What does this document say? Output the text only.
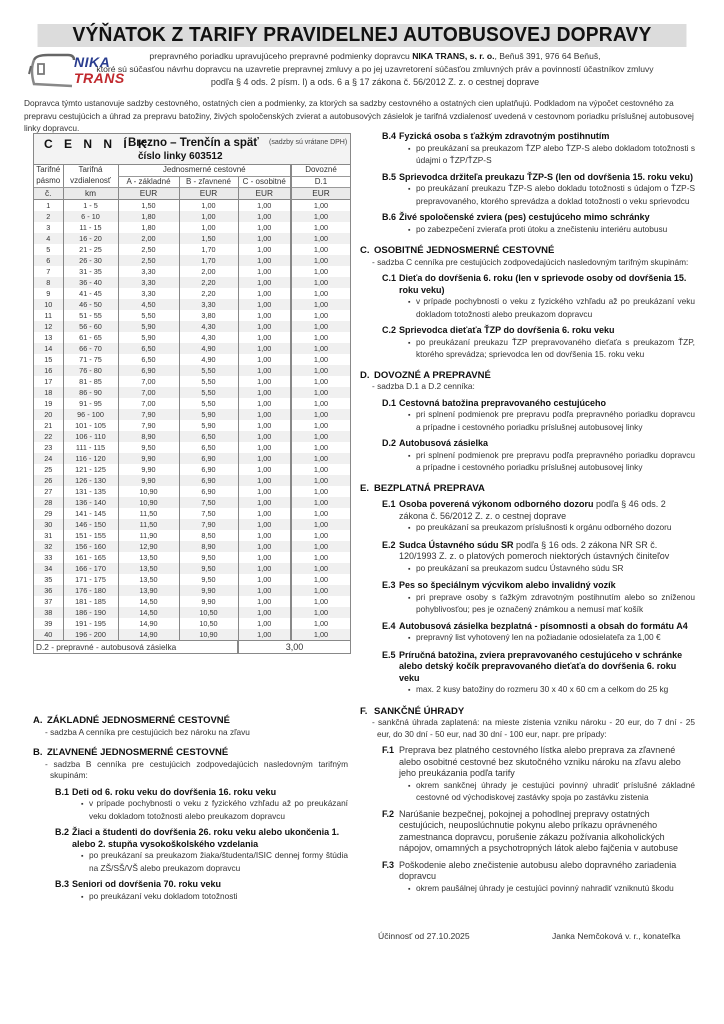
VÝŇATOK Z TARIFY PRAVIDELNEJ AUTOBUSOVEJ DOPRAVY
NIKA
TRANS
prepravného poriadku upravujúceho prepravné podmienky dopravcu NIKA TRANS, s. r. o., Beňuš 391, 976 64 Beňuš,
ktoré sú súčasťou návrhu dopravcu na uzavretie prepravnej zmluvy a po jej uzavretorení súčasťou zmluvných práv a povinností účastníkov zmluvy
podľa § 4 ods. 2 písm. l) a ods. 6 a § 17 zákona č. 56/2012 Z. z. o cestnej doprave
Dopravca týmto ustanovuje sadzby cestovného, ostatných cien a podmienky, za ktorých sa sadzby cestovného a ostatných cien uplatňujú. Podkladom na výpočet cestovného za prepravu cestujúcich a úhrad za prepravu batožiny, živých spoločenských zvierat a autobusových zásielok je tarifná vzdialenosť uvedená v cestovnom poriadku príslušnej autobusovej linky dopravcu.
C E N N Í K
Brezno – Trenčín a späť (sadzby sú vrátane DPH)
číslo linky 603512
Tarifné	Tarifná	Jednosmerné cestovné			Dovozné
pásmo	vzdialenosť	A - základné	B - zľavnené	C - osobitné	D.1
č.	km	EUR	EUR	EUR	EUR
1	1 - 5	1,50	1,00	1,00	1,00
2	6 - 10	1,80	1,00	1,00	1,00
3	11 - 15	1,80	1,00	1,00	1,00
4	16 - 20	2,00	1,50	1,00	1,00
5	21 - 25	2,50	1,70	1,00	1,00
6	26 - 30	2,50	1,70	1,00	1,00
7	31 - 35	3,30	2,00	1,00	1,00
8	36 - 40	3,30	2,20	1,00	1,00
9	41 - 45	3,30	2,20	1,00	1,00
10	46 - 50	4,50	3,30	1,00	1,00
11	51 - 55	5,50	3,80	1,00	1,00
12	56 - 60	5,90	4,30	1,00	1,00
13	61 - 65	5,90	4,30	1,00	1,00
14	66 - 70	6,50	4,90	1,00	1,00
15	71 - 75	6,50	4,90	1,00	1,00
16	76 - 80	6,90	5,50	1,00	1,00
17	81 - 85	7,00	5,50	1,00	1,00
18	86 - 90	7,00	5,50	1,00	1,00
19	91 - 95	7,00	5,50	1,00	1,00
20	96 - 100	7,90	5,90	1,00	1,00
21	101 - 105	7,90	5,90	1,00	1,00
22	106 - 110	8,90	6,50	1,00	1,00
23	111 - 115	9,50	6,50	1,00	1,00
24	116 - 120	9,90	6,90	1,00	1,00
25	121 - 125	9,90	6,90	1,00	1,00
26	126 - 130	9,90	6,90	1,00	1,00
27	131 - 135	10,90	6,90	1,00	1,00
28	136 - 140	10,90	7,50	1,00	1,00
29	141 - 145	11,50	7,50	1,00	1,00
30	146 - 150	11,50	7,90	1,00	1,00
31	151 - 155	11,90	8,50	1,00	1,00
32	156 - 160	12,90	8,90	1,00	1,00
33	161 - 165	13,50	9,50	1,00	1,00
34	166 - 170	13,50	9,50	1,00	1,00
35	171 - 175	13,50	9,50	1,00	1,00
36	176 - 180	13,90	9,90	1,00	1,00
37	181 - 185	14,50	9,90	1,00	1,00
38	186 - 190	14,50	10,50	1,00	1,00
39	191 - 195	14,90	10,50	1,00	1,00
40	196 - 200	14,90	10,90	1,00	1,00
D.2 - prepravné - autobusová zásielka				3,00	
A. ZÁKLADNÉ JEDNOSMERNÉ CESTOVNÉ
- sadzba A cenníka pre cestujúcich bez nároku na zľavu
B. ZĽAVNENÉ JEDNOSMERNÉ CESTOVNÉ
- sadzba B cenníka pre cestujúcich zodpovedajúcich nasledovným tarifným skupinám:
B.1 Deti od 6. roku veku do dovŕšenia 16. roku veku
▪ v prípade pochybnosti o veku z fyzického vzhľadu až po preukázaní veku dokladom totožnosti alebo preukazom dopravcu
B.2 Žiaci a študenti do dovŕšenia 26. roku veku alebo ukončenia 1. alebo 2. stupňa vysokoškolského vzdelania
▪ po preukázaní sa preukazom žiaka/študenta/ISIC dennej formy štúdia na ZŠ/SŠ/VŠ alebo preukazom dopravcu
B.3 Seniori od dovŕšenia 70. roku veku
▪ po preukázaní veku dokladom totožnosti
B.4 Fyzická osoba s ťažkým zdravotným postihnutím
▪ po preukázaní sa preukazom ŤZP alebo ŤZP-S alebo dokladom totožnosti s údajmi o ŤZP/ŤZP-S
B.5 Sprievodca držiteľa preukazu ŤZP-S (len od dovŕšenia 15. roku veku)
▪ po preukázaní preukazu ŤZP-S alebo dokladu totožnosti s údajom o ŤZP-S prepravovaného, ktorého sprevádza a doklad totožnosti o veku sprievodcu
B.6 Živé spoločenské zviera (pes) cestujúceho mimo schránky
▪ po zabezpečení zvieraťa proti útoku a znečisteniu interiéru autobusu
C. OSOBITNÉ JEDNOSMERNÉ CESTOVNÉ
- sadzba C cenníka pre cestujúcich zodpovedajúcich nasledovným tarifným skupinám:
C.1 Dieťa do dovŕšenia 6. roku (len v sprievode osoby od dovŕšenia 15. roku veku)
▪ v prípade pochybnosti o veku z fyzického vzhľadu až po preukázaní veku dokladom totožnosti alebo preukazom dopravcu
C.2 Sprievodca dieťaťa ŤZP do dovŕšenia 6. roku veku
▪ po preukázaní preukazu ŤZP prepravovaného dieťaťa s preukazom ŤZP, ktorého sprevádza; sprievodca len od dovŕšenia 15. roku veku
D. DOVOZNÉ A PREPRAVNÉ
- sadzba D.1 a D.2 cenníka:
D.1 Cestovná batožina prepravovaného cestujúceho
▪ pri splnení podmienok pre prepravu podľa prepravného poriadku dopravcu a prípadne i cestovného poriadku príslušnej autobusovej linky
D.2 Autobusová zásielka
▪ pri splnení podmienok pre prepravu podľa prepravného poriadku dopravcu a prípadne i cestovného poriadku príslušnej autobusovej linky
E. BEZPLATNÁ PREPRAVA
E.1 Osoba poverená výkonom odborného dozoru podľa § 46 ods. 2 zákona č. 56/2012 Z. z. o cestnej doprave
▪ po preukázaní sa preukazom príslušnosti k orgánu odborného dozoru
E.2 Sudca Ústavného súdu SR podľa § 16 ods. 2 zákona NR SR č. 120/1993 Z. z. o platových pomeroch niektorých ústavných činiteľov
▪ po preukázaní sa preukazom sudcu Ústavného súdu SR
E.3 Pes so špeciálnym výcvikom alebo invalidný vozík
▪ pri preprave osoby s ťažkým zdravotným postihnutím alebo so zníženou pohyblivosťou; pes je označený známkou a nemusí mať košík
E.4 Autobusová zásielka bezplatná - písomnosti a obsah do formátu A4
▪ prepravný list vyhotovený len na požiadanie odosielateľa za 1,00 €
E.5 Príručná batožina, zviera prepravovaného cestujúceho v schránke alebo detský kočík prepravovaného dieťaťa do dovŕšenia 6. roku veku
▪ max. 2 kusy batožiny do rozmeru 30 x 40 x 60 cm a celkom do 25 kg
F. SANKČNÉ ÚHRADY
- sankčná úhrada zaplatená: na mieste zistenia vzniku nároku - 20 eur, do 7 dní - 25 eur, do 30 dní - 50 eur, nad 30 dní - 100 eur, napr. pre prípady:
F.1 Preprava bez platného cestovného lístka alebo preprava za zľavnené alebo osobitné cestovné bez skutočného vzniku nároku na zľavu alebo jeho preukázania podľa tarify
▪ okrem sankčnej úhrady je cestujúci povinný uhradiť príslušné základné cestovné od východiskovej zastávky spoja po zastávku zistenia
F.2 Narúšanie bezpečnej, pokojnej a pohodlnej prepravy ostatných cestujúcich, neuposlúchnutie pokynu alebo príkazu oprávneného zamestnanca dopravcu, porušenie zákazu požívania alkoholických nápojov, omamných a psychotropných látok alebo fajčenia v autobuse
F.3 Poškodenie alebo znečistenie autobusu alebo dopravného zariadenia dopravcu
▪ okrem paušálnej úhrady je cestujúci povinný nahradiť vzniknutú škodu
Účinnosť od 27.10.2025	Janka Nemčoková v. r., konateľka
